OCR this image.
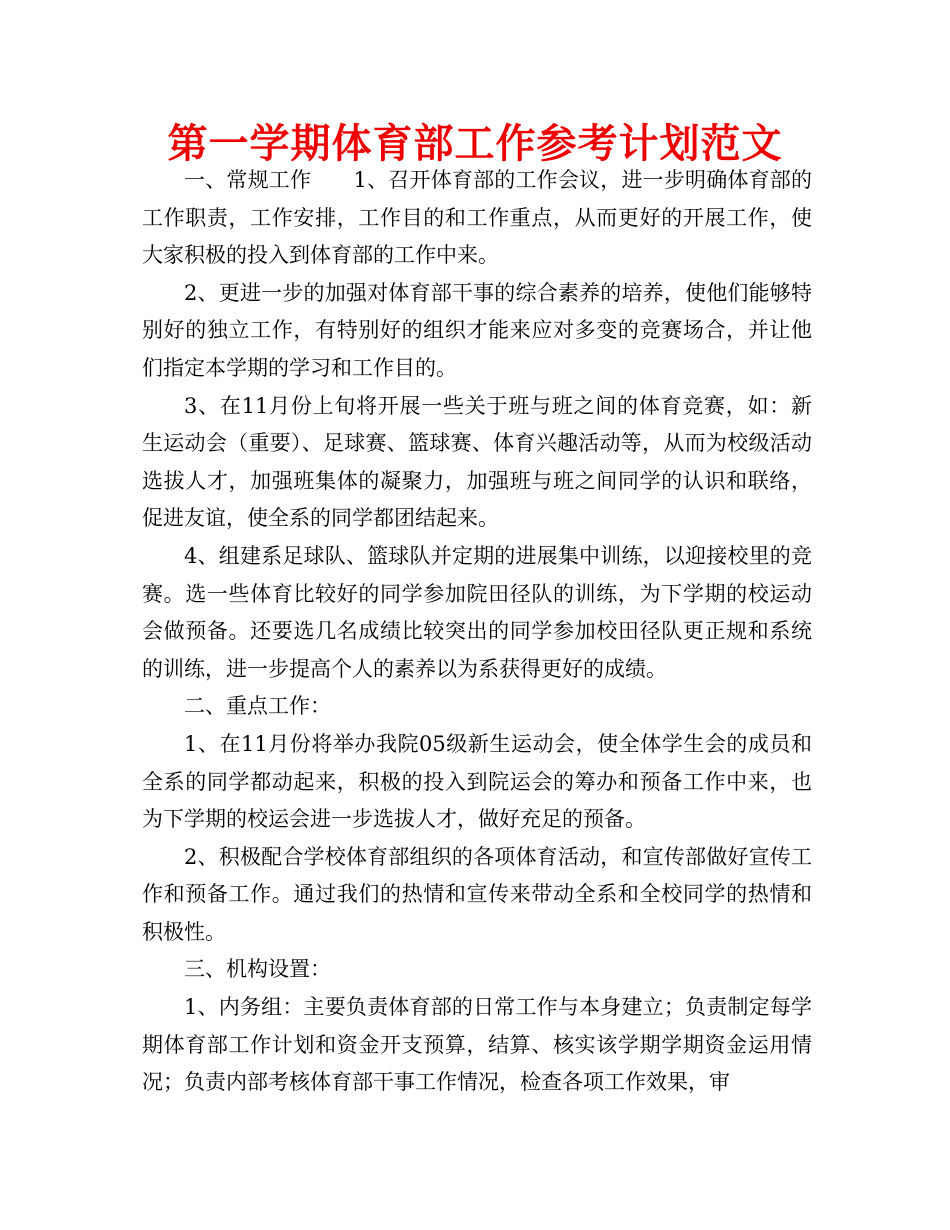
第一学期体育部工作参考计划范文

一、常规工作　　1、召开体育部的工作会议，进一步明确体育部的工作职责，工作安排，工作目的和工作重点，从而更好的开展工作，使大家积极的投入到体育部的工作中来。

2、更进一步的加强对体育部干事的综合素养的培养，使他们能够特别好的独立工作，有特别好的组织才能来应对多变的竞赛场合，并让他们指定本学期的学习和工作目的。

3、在11月份上旬将开展一些关于班与班之间的体育竞赛，如：新生运动会（重要）、足球赛、篮球赛、体育兴趣活动等，从而为校级活动选拔人才，加强班集体的凝聚力，加强班与班之间同学的认识和联络，促进友谊，使全系的同学都团结起来。

4、组建系足球队、篮球队并定期的进展集中训练，以迎接校里的竞赛。选一些体育比较好的同学参加院田径队的训练，为下学期的校运动会做预备。还要选几名成绩比较突出的同学参加校田径队更正规和系统的训练，进一步提高个人的素养以为系获得更好的成绩。

二、重点工作：

1、在11月份将举办我院05级新生运动会，使全体学生会的成员和全系的同学都动起来，积极的投入到院运会的筹办和预备工作中来，也为下学期的校运会进一步选拔人才，做好充足的预备。

2、积极配合学校体育部组织的各项体育活动，和宣传部做好宣传工作和预备工作。通过我们的热情和宣传来带动全系和全校同学的热情和积极性。

三、机构设置：

1、内务组：主要负责体育部的日常工作与本身建立；负责制定每学期体育部工作计划和资金开支预算，结算、核实该学期学期资金运用情况；负责内部考核体育部干事工作情况，检查各项工作效果，审
